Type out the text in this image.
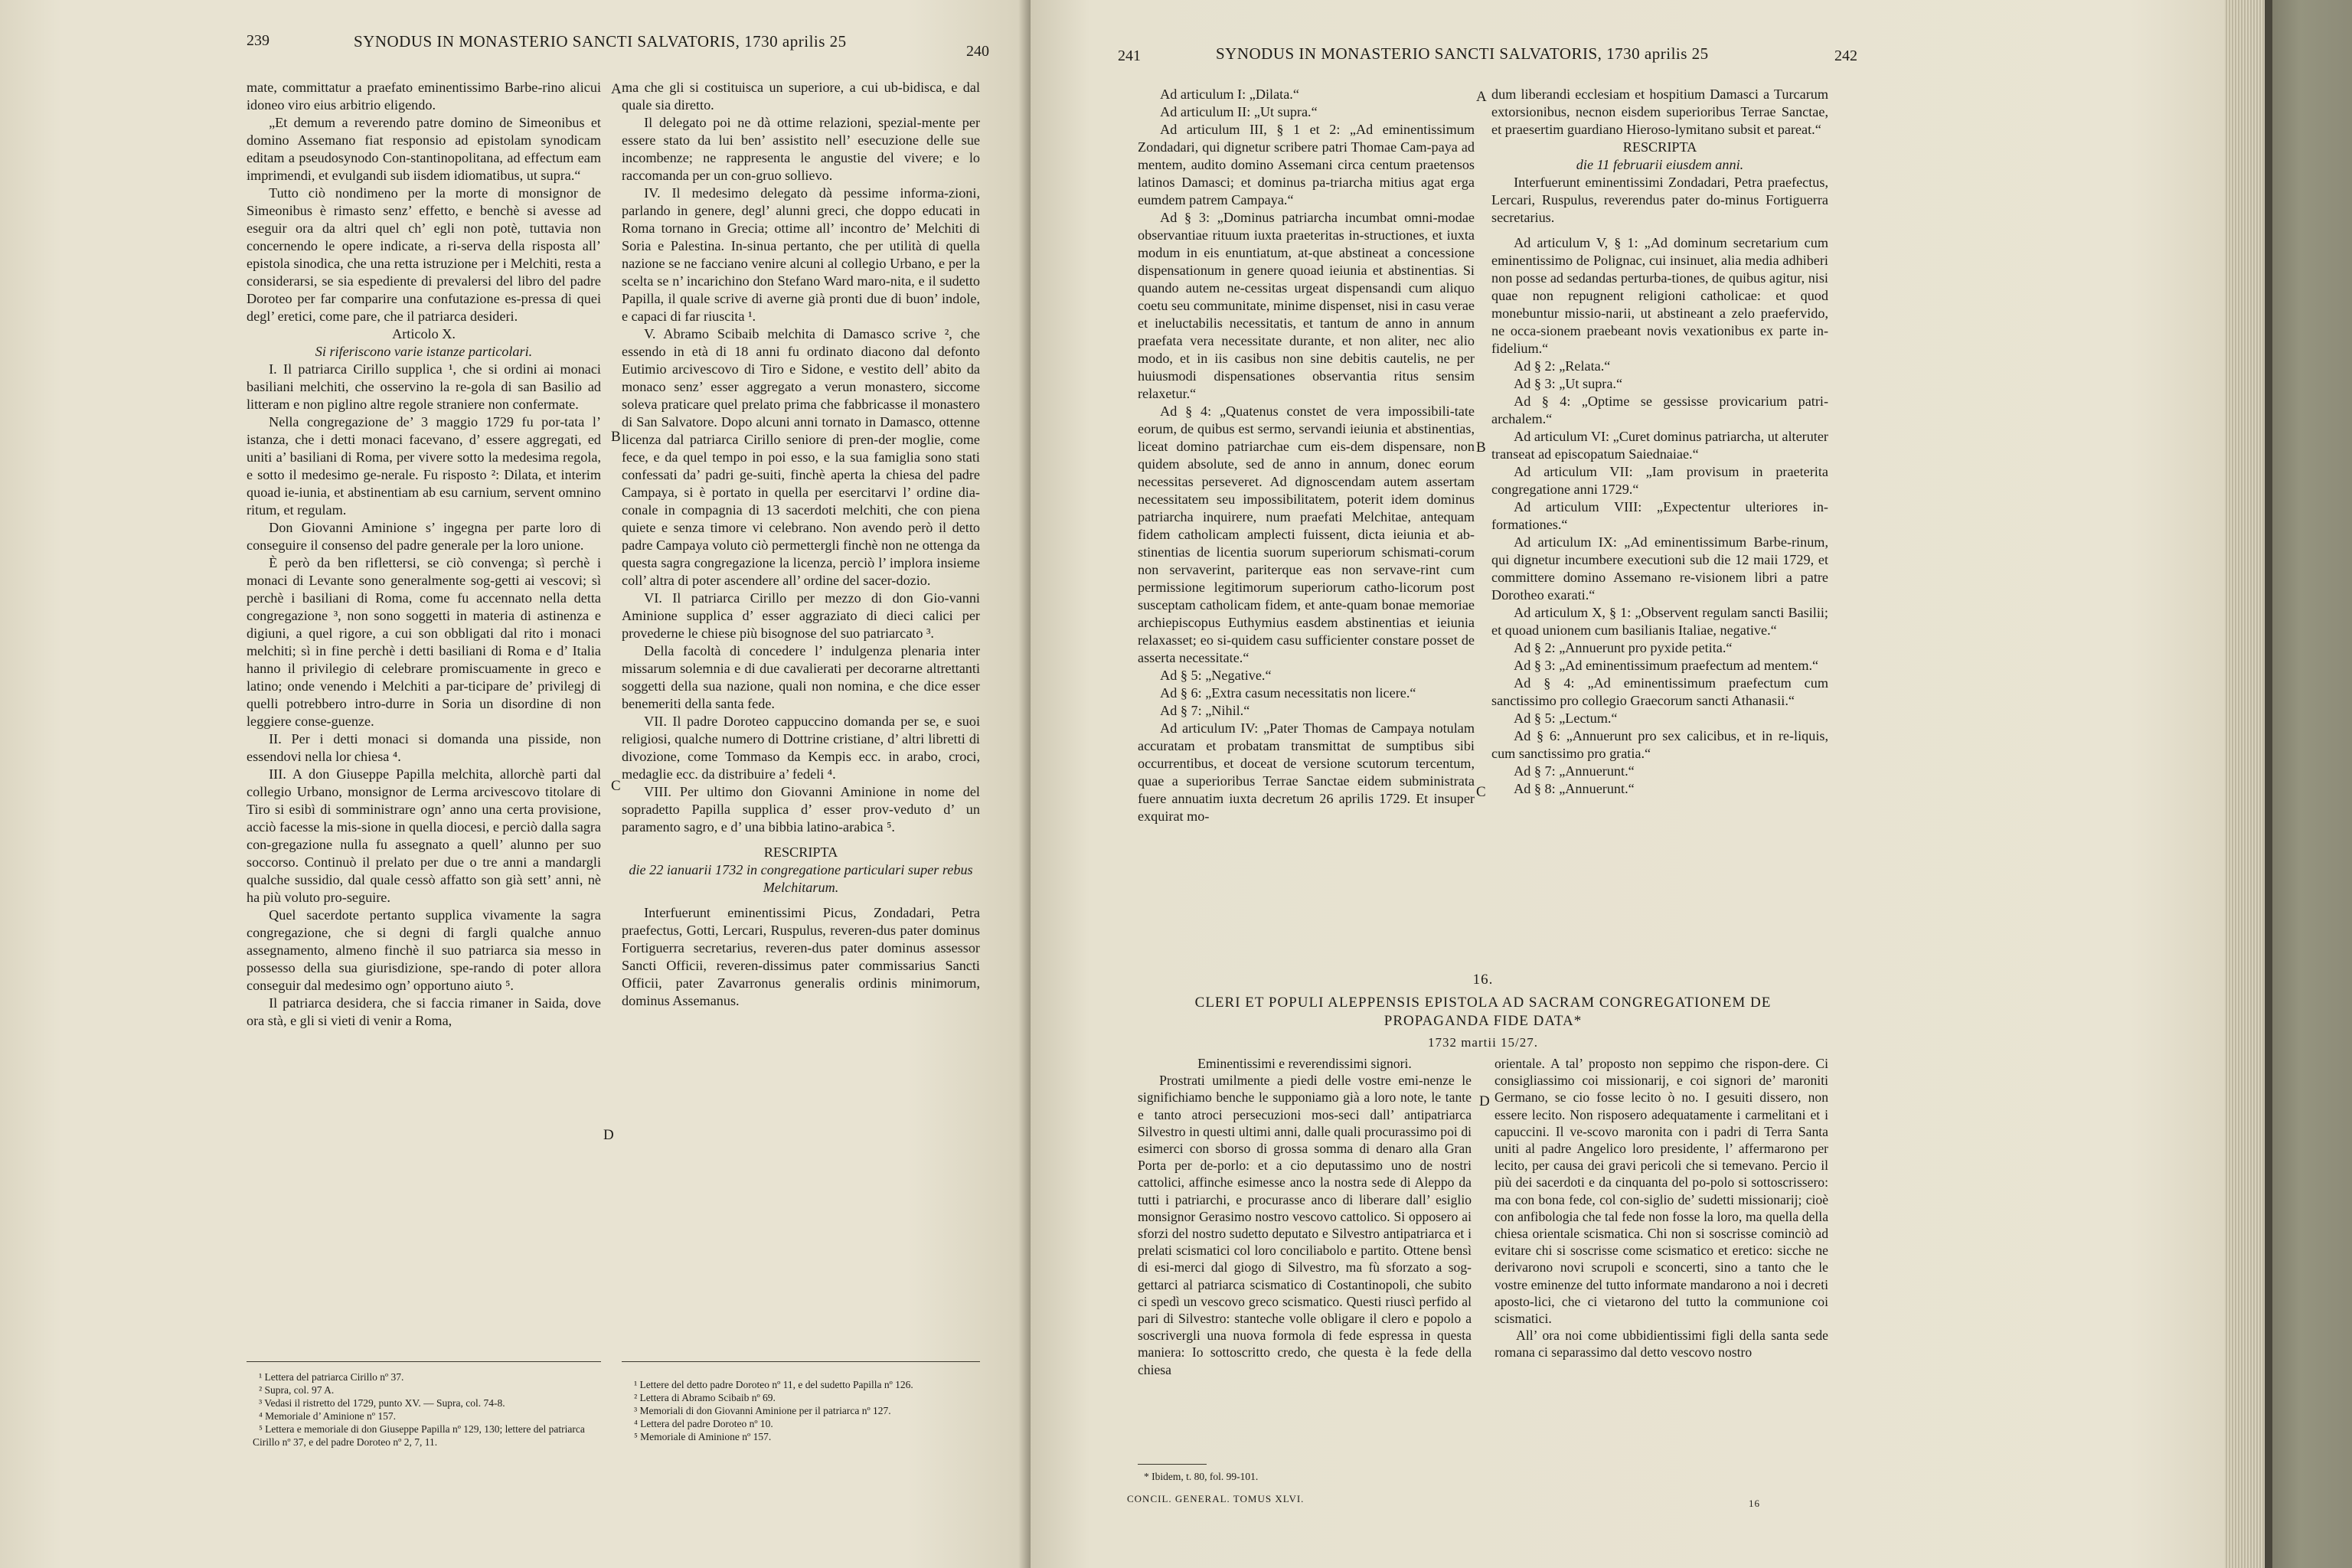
239	SYNODUS IN MONASTERIO SANCTI SALVATORIS, 1730 aprilis 25
240

mate, committatur a praefato eminentissimo Barbe-rino alicui idoneo viro eius arbitrio eligendo.

„Et demum a reverendo patre domino de Simeonibus et domino Assemano fiat responsio ad epistolam synodicam editam a pseudosynodo Con-stantinopolitana, ad effectum eam imprimendi, et evulgandi sub iisdem idiomatibus, ut supra.“

Tutto ciò nondimeno per la morte di monsignor de Simeonibus è rimasto senz’ effetto, e benchè si avesse ad eseguir ora da altri quel ch’ egli non potè, tuttavia non concernendo le opere indicate, a ri-serva della risposta all’ epistola sinodica, che una retta istruzione per i Melchiti, resta a considerarsi, se sia espediente di prevalersi del libro del padre Doroteo per far comparire una confutazione es-pressa di quei degl’ eretici, come pare, che il patriarca desideri.

Articolo X.

Si riferiscono varie istanze particolari.

I. Il patriarca Cirillo supplica ¹, che si ordini ai monaci basiliani melchiti, che osservino la re-gola di san Basilio ad litteram e non piglino altre regole straniere non confermate.

Nella congregazione de’ 3 maggio 1729 fu por-tata l’ istanza, che i detti monaci facevano, d’ essere aggregati, ed uniti a’ basiliani di Roma, per vivere sotto la medesima regola, e sotto il medesimo ge-nerale. Fu risposto ²: Dilata, et interim quoad ie-iunia, et abstinentiam ab esu carnium, servent omnino ritum, et regulam.

Don Giovanni Aminione s’ ingegna per parte loro di conseguire il consenso del padre generale per la loro unione.

È però da ben riflettersi, se ciò convenga; sì perchè i monaci di Levante sono generalmente sog-getti ai vescovi; sì perchè i basiliani di Roma, come fu accennato nella detta congregazione ³, non sono soggetti in materia di astinenza e digiuni, a quel rigore, a cui son obbligati dal rito i monaci melchiti; sì in fine perchè i detti basiliani di Roma e d’ Italia hanno il privilegio di celebrare promiscuamente in greco e latino; onde venendo i Melchiti a par-ticipare de’ privilegj di quelli potrebbero intro-durre in Soria un disordine di non leggiere conse-guenze.

II. Per i detti monaci si domanda una pisside, non essendovi nella lor chiesa ⁴.

III. A don Giuseppe Papilla melchita, allorchè parti dal collegio Urbano, monsignor de Lerma arcivescovo titolare di Tiro si esibì di somministrare ogn’ anno una certa provisione, acciò facesse la mis-sione in quella diocesi, e perciò dalla sagra con-gregazione nulla fu assegnato a quell’ alunno per suo soccorso. Continuò il prelato per due o tre anni a mandargli qualche sussidio, dal quale cessò affatto son già sett’ anni, nè ha più voluto pro-seguire.

Quel sacerdote pertanto supplica vivamente la sagra congregazione, che si degni di fargli qualche annuo assegnamento, almeno finchè il suo patriarca sia messo in possesso della sua giurisdizione, spe-rando di poter allora conseguir dal medesimo ogn’ opportuno aiuto ⁵.

Il patriarca desidera, che si faccia rimaner in Saida, dove ora stà, e gli si vieti di venir a Roma,

A
B
C
D

ma che gli si costituisca un superiore, a cui ub-bidisca, e dal quale sia diretto.

Il delegato poi ne dà ottime relazioni, spezial-mente per essere stato da lui ben’ assistito nell’ esecuzione delle sue incombenze; ne rappresenta le angustie del vivere; e lo raccomanda per un con-gruo sollievo.

IV. Il medesimo delegato dà pessime informa-zioni, parlando in genere, degl’ alunni greci, che doppo educati in Roma tornano in Grecia; ottime all’ incontro de’ Melchiti di Soria e Palestina. In-sinua pertanto, che per utilità di quella nazione se ne facciano venire alcuni al collegio Urbano, e per la scelta se n’ incarichino don Stefano Ward maro-nita, e il sudetto Papilla, il quale scrive di averne già pronti due di buon’ indole, e capaci di far riuscita ¹.

V. Abramo Scibaib melchita di Damasco scrive ², che essendo in età di 18 anni fu ordinato diacono dal defonto Eutimio arcivescovo di Tiro e Sidone, e vestito dell’ abito da monaco senz’ esser aggregato a verun monastero, siccome soleva praticare quel prelato prima che fabbricasse il monastero di San Salvatore. Dopo alcuni anni tornato in Damasco, ottenne licenza dal patriarca Cirillo seniore di pren-der moglie, come fece, e da quel tempo in poi esso, e la sua famiglia sono stati confessati da’ padri ge-suiti, finchè aperta la chiesa del padre Campaya, si è portato in quella per esercitarvi l’ ordine dia-conale in compagnia di 13 sacerdoti melchiti, che con piena quiete e senza timore vi celebrano. Non avendo però il detto padre Campaya voluto ciò permettergli finchè non ne ottenga da questa sagra congregazione la licenza, perciò l’ implora insieme coll’ altra di poter ascendere all’ ordine del sacer-dozio.

VI. Il patriarca Cirillo per mezzo di don Gio-vanni Aminione supplica d’ esser aggraziato di dieci calici per provederne le chiese più bisognose del suo patriarcato ³.

Della facoltà di concedere l’ indulgenza plenaria inter missarum solemnia e di due cavalierati per decorarne altrettanti soggetti della sua nazione, quali non nomina, e che dice esser benemeriti della santa fede.

VII. Il padre Doroteo cappuccino domanda per se, e suoi religiosi, qualche numero di Dottrine cristiane, d’ altri libretti di divozione, come Tommaso da Kempis ecc. in arabo, croci, medaglie ecc. da distribuire a’ fedeli ⁴.

VIII. Per ultimo don Giovanni Aminione in nome del sopradetto Papilla supplica d’ esser prov-veduto d’ un paramento sagro, e d’ una bibbia latino-arabica ⁵.

RESCRIPTA

die 22 ianuarii 1732 in congregatione particulari super rebus Melchitarum.

Interfuerunt eminentissimi Picus, Zondadari, Petra praefectus, Gotti, Lercari, Ruspulus, reveren-dus pater dominus Fortiguerra secretarius, reveren-dus pater dominus assessor Sancti Officii, reveren-dissimus pater commissarius Sancti Officii, pater Zavarronus generalis ordinis minimorum, dominus Assemanus.

¹ Lettera del patriarca Cirillo nº 37.

² Supra, col. 97 A.

³ Vedasi il ristretto del 1729, punto XV. — Supra, col. 74-8.

⁴ Memoriale d’ Aminione nº 157.

⁵ Lettera e memoriale di don Giuseppe Papilla nº 129, 130; lettere del patriarca Cirillo nº 37, e del padre Doroteo nº 2, 7, 11.

¹ Lettere del detto padre Doroteo nº 11, e del sudetto Papilla nº 126.

² Lettera di Abramo Scibaib nº 69.

³ Memoriali di don Giovanni Aminione per il patriarca nº 127.

⁴ Lettera del padre Doroteo nº 10.

⁵ Memoriale di Aminione nº 157.

241	SYNODUS IN MONASTERIO SANCTI SALVATORIS, 1730 aprilis 25	242

Ad articulum I: „Dilata.“

Ad articulum II: „Ut supra.“

Ad articulum III, § 1 et 2: „Ad eminentissimum Zondadari, qui dignetur scribere patri Thomae Cam-paya ad mentem, audito domino Assemani circa centum praetensos latinos Damasci; et dominus pa-triarcha mitius agat erga eumdem patrem Campaya.“

Ad § 3: „Dominus patriarcha incumbat omni-modae observantiae rituum iuxta praeteritas in-structiones, et iuxta modum in eis enuntiatum, at-que abstineat a concessione dispensationum in genere quoad ieiunia et abstinentias. Si quando autem ne-cessitas urgeat dispensandi cum aliquo coetu seu communitate, minime dispenset, nisi in casu verae et ineluctabilis necessitatis, et tantum de anno in annum praefata vera necessitate durante, et non aliter, nec alio modo, et in iis casibus non sine debitis cautelis, ne per huiusmodi dispensationes observantia ritus sensim relaxetur.“

Ad § 4: „Quatenus constet de vera impossibili-tate eorum, de quibus est sermo, servandi ieiunia et abstinentias, liceat domino patriarchae cum eis-dem dispensare, non quidem absolute, sed de anno in annum, donec eorum necessitas perseveret. Ad dignoscendam autem assertam necessitatem seu impossibilitatem, poterit idem dominus patriarcha inquirere, num praefati Melchitae, antequam fidem catholicam amplecti fuissent, dicta ieiunia et ab-stinentias de licentia suorum superiorum schismati-corum non servaverint, pariterque eas non servave-rint cum permissione legitimorum superiorum catho-licorum post susceptam catholicam fidem, et ante-quam bonae memoriae archiepiscopus Euthymius easdem abstinentias et ieiunia relaxasset; eo si-quidem casu sufficienter constare posset de asserta necessitate.“

Ad § 5: „Negative.“

Ad § 6: „Extra casum necessitatis non licere.“

Ad § 7: „Nihil.“

Ad articulum IV: „Pater Thomas de Campaya notulam accuratam et probatam transmittat de sumptibus sibi occurrentibus, et doceat de versione scutorum tercentum, quae a superioribus Terrae Sanctae eidem subministrata fuere annuatim iuxta decretum 26 aprilis 1729. Et insuper exquirat mo-

A
B
C

dum liberandi ecclesiam et hospitium Damasci a Turcarum extorsionibus, necnon eisdem superioribus Terrae Sanctae, et praesertim guardiano Hieroso-lymitano subsit et pareat.“

RESCRIPTA

die 11 februarii eiusdem anni.

Interfuerunt eminentissimi Zondadari, Petra praefectus, Lercari, Ruspulus, reverendus pater do-minus Fortiguerra secretarius.

Ad articulum V, § 1: „Ad dominum secretarium cum eminentissimo de Polignac, cui insinuet, alia media adhiberi non posse ad sedandas perturba-tiones, de quibus agitur, nisi quae non repugnent religioni catholicae: et quod monebuntur missio-narii, ut abstineant a zelo praefervido, ne occa-sionem praebeant novis vexationibus ex parte in-fidelium.“

Ad § 2: „Relata.“

Ad § 3: „Ut supra.“

Ad § 4: „Optime se gessisse provicarium patri-archalem.“

Ad articulum VI: „Curet dominus patriarcha, ut alteruter transeat ad episcopatum Saiednaiae.“

Ad articulum VII: „Iam provisum in praeterita congregatione anni 1729.“

Ad articulum VIII: „Expectentur ulteriores in-formationes.“

Ad articulum IX: „Ad eminentissimum Barbe-rinum, qui dignetur incumbere executioni sub die 12 maii 1729, et committere domino Assemano re-visionem libri a patre Dorotheo exarati.“

Ad articulum X, § 1: „Observent regulam sancti Basilii; et quoad unionem cum basilianis Italiae, negative.“

Ad § 2: „Annuerunt pro pyxide petita.“

Ad § 3: „Ad eminentissimum praefectum ad mentem.“

Ad § 4: „Ad eminentissimum praefectum cum sanctissimo pro collegio Graecorum sancti Athanasii.“

Ad § 5: „Lectum.“

Ad § 6: „Annuerunt pro sex calicibus, et in re-liquis, cum sanctissimo pro gratia.“

Ad § 7: „Annuerunt.“

Ad § 8: „Annuerunt.“

16.
CLERI ET POPULI ALEPPENSIS EPISTOLA AD SACRAM CONGREGATIONEM DE
PROPAGANDA FIDE DATA*
1732 martii 15/27.

Eminentissimi e reverendissimi signori.

Prostrati umilmente a piedi delle vostre emi-nenze le significhiamo benche le supponiamo già a loro note, le tante e tanto atroci persecuzioni mos-seci dall’ antipatriarca Silvestro in questi ultimi anni, dalle quali procurassimo poi di esimerci con sborso di grossa somma di denaro alla Gran Porta per de-porlo: et a cio deputassimo uno de nostri cattolici, affinche esimesse anco la nostra sede di Aleppo da tutti i patriarchi, e procurasse anco di liberare dall’ esiglio monsignor Gerasimo nostro vescovo cattolico. Si opposero ai sforzi del nostro sudetto deputato e Silvestro antipatriarca et i prelati scismatici col loro conciliabolo e partito. Ottene bensì di esi-merci dal giogo di Silvestro, ma fù sforzato a sog-gettarci al patriarca scismatico di Costantinopoli, che subito ci spedì un vescovo greco scismatico. Questi riuscì perfido al pari di Silvestro: stanteche volle obligare il clero e popolo a soscrivergli una nuova formola di fede espressa in questa maniera: Io sottoscritto credo, che questa è la fede della chiesa

D

orientale. A tal’ proposto non seppimo che rispon-dere. Ci consigliassimo coi missionarij, e coi signori de’ maroniti Germano, se cio fosse lecito ò no. I gesuiti dissero, non essere lecito. Non risposero adequatamente i carmelitani et i capuccini. Il ve-scovo maronita con i padri di Terra Santa uniti al padre Angelico loro presidente, l’ affermarono per lecito, per causa dei gravi pericoli che si temevano. Percio il più dei sacerdoti e da cinquanta del po-polo si sottoscrissero: ma con bona fede, col con-siglio de’ sudetti missionarij; cioè con anfibologia che tal fede non fosse la loro, ma quella della chiesa orientale scismatica. Chi non si soscrisse cominciò ad evitare chi si soscrisse come scismatico et eretico: sicche ne derivarono novi scrupoli e sconcerti, sino a tanto che le vostre eminenze del tutto informate mandarono a noi i decreti aposto-lici, che ci vietarono del tutto la communione coi scismatici.

All’ ora noi come ubbidientissimi figli della santa sede romana ci separassimo dal detto vescovo nostro

* Ibidem, t. 80, fol. 99-101.
CONCIL. GENERAL. TOMUS XLVI.	16
